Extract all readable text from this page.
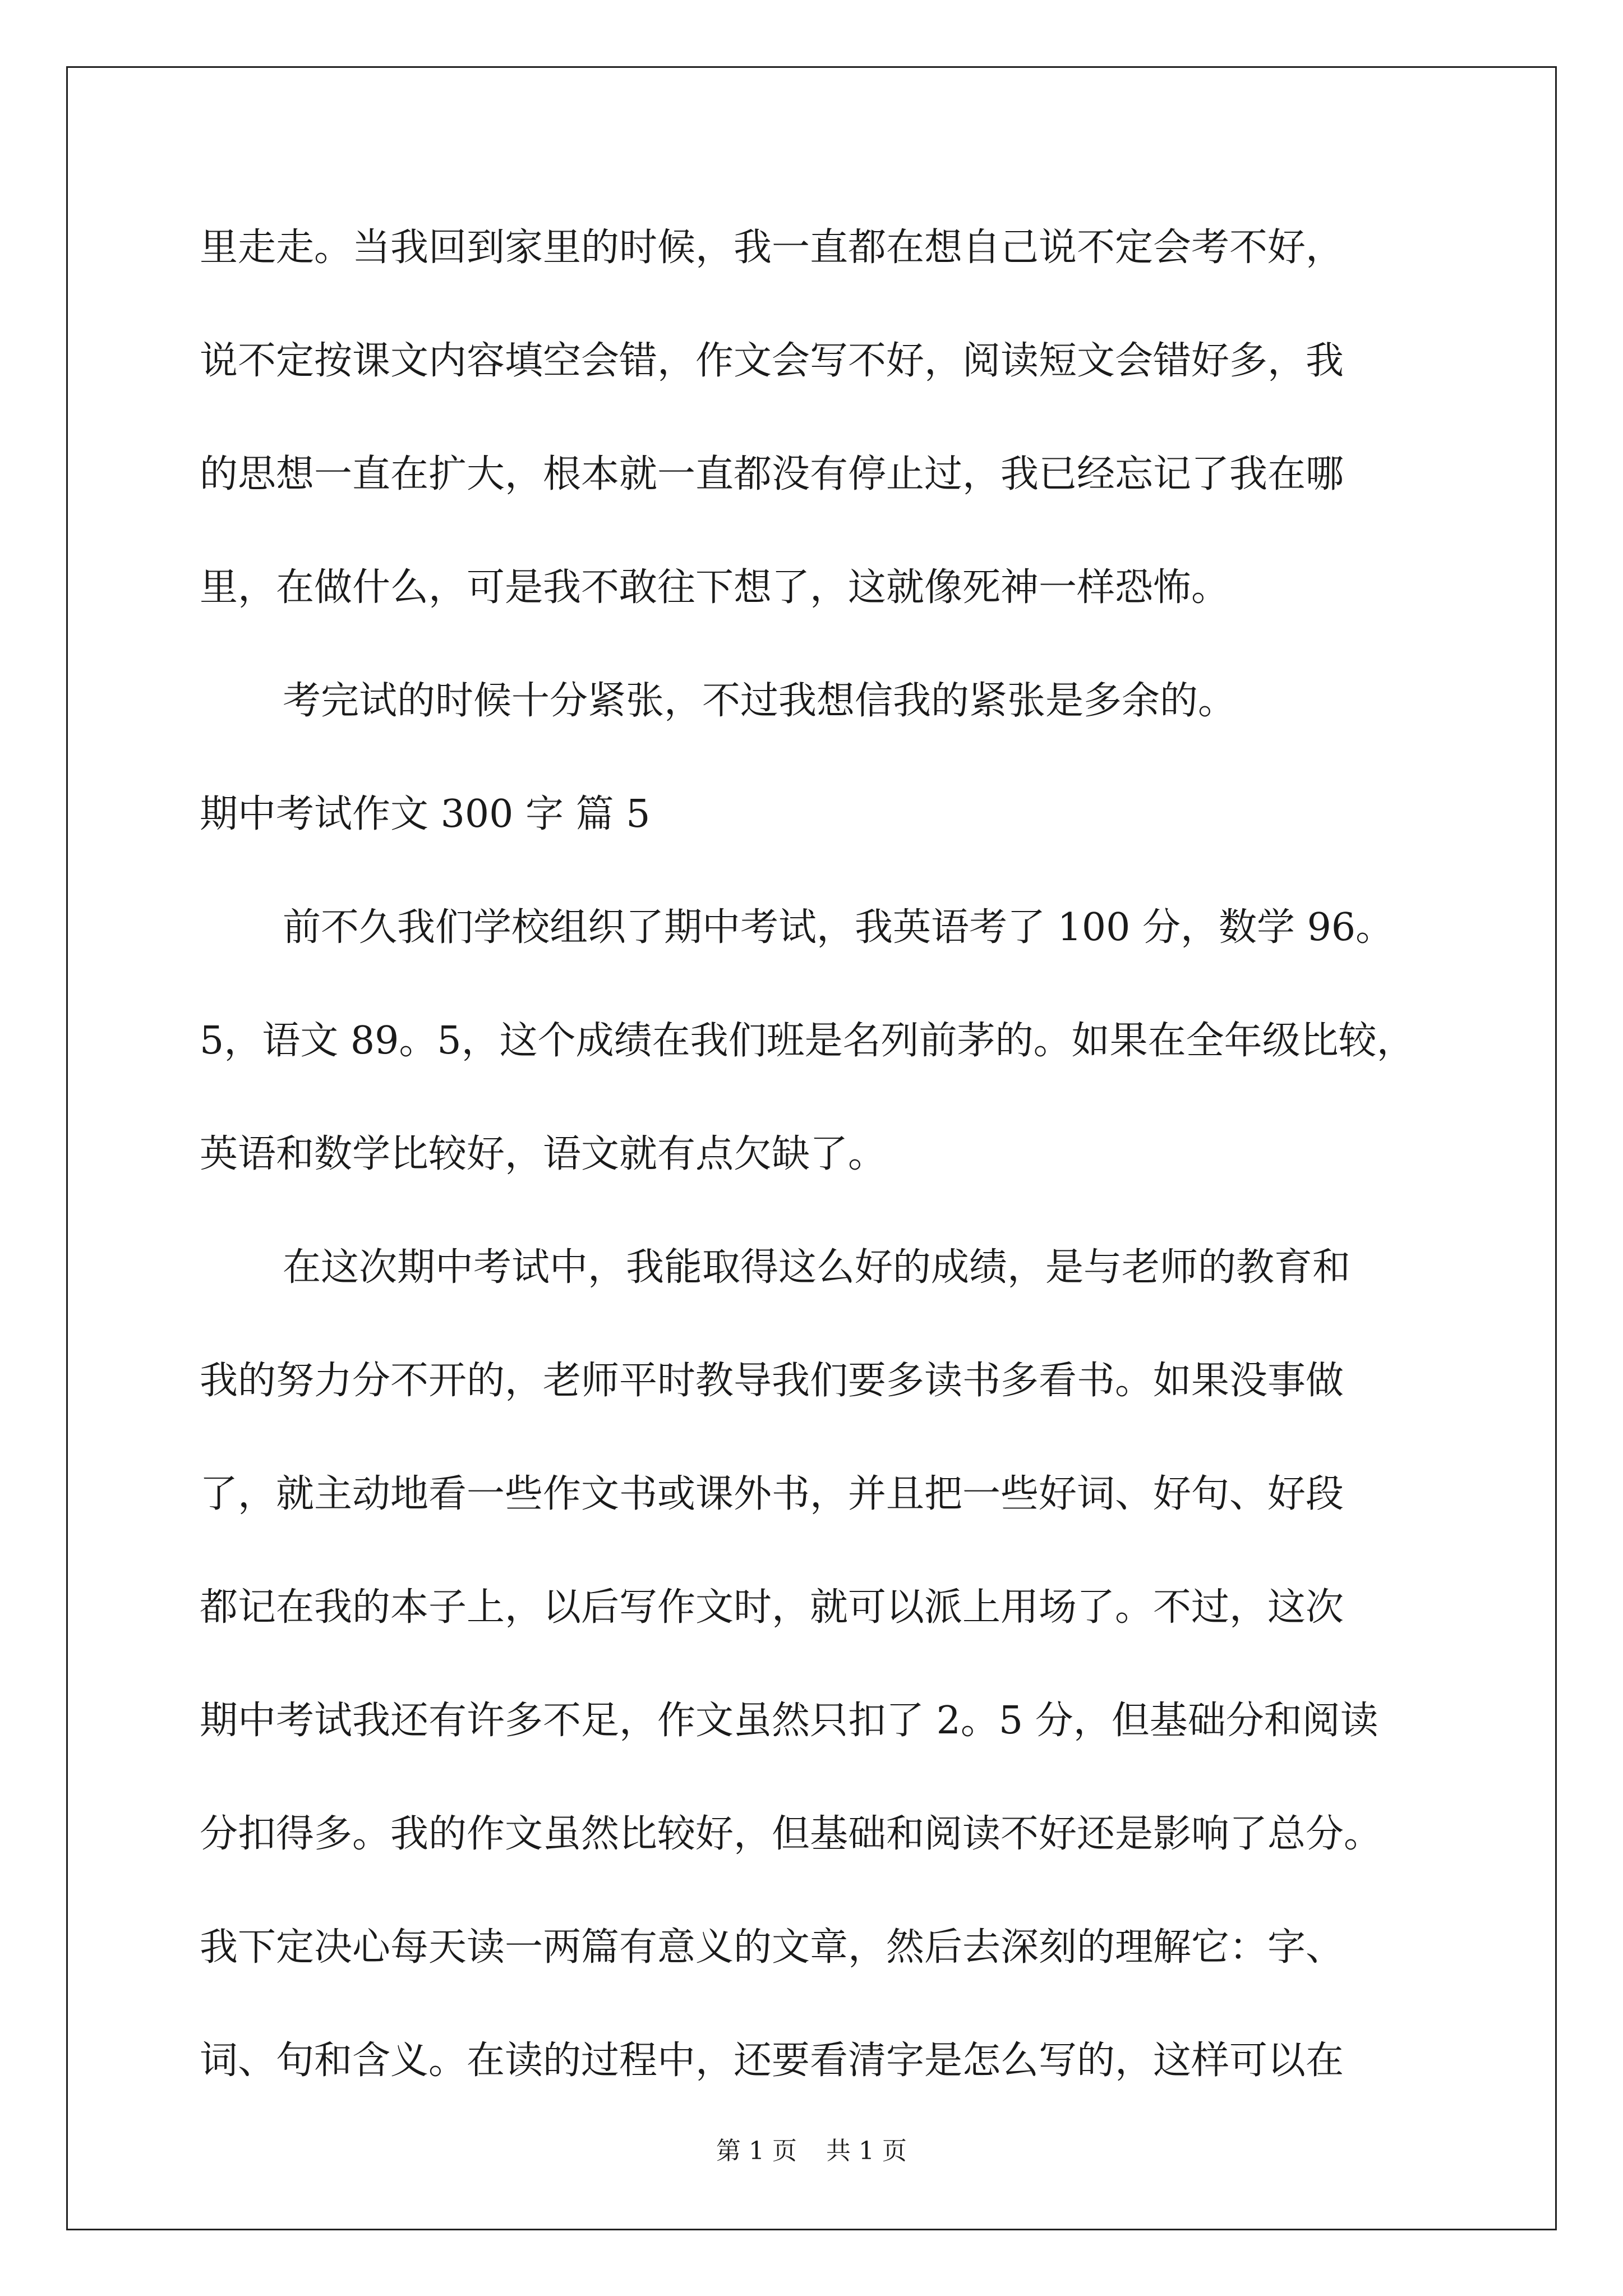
里走走。当我回到家里的时候，我一直都在想自己说不定会考不好，
说不定按课文内容填空会错，作文会写不好，阅读短文会错好多，我
的思想一直在扩大，根本就一直都没有停止过，我已经忘记了我在哪
里，在做什么，可是我不敢往下想了，这就像死神一样恐怖。
考完试的时候十分紧张，不过我想信我的紧张是多余的。
期中考试作文 300 字 篇 5
前不久我们学校组织了期中考试，我英语考了 100 分，数学 96。
5，语文 89。5，这个成绩在我们班是名列前茅的。如果在全年级比较，
英语和数学比较好，语文就有点欠缺了。
在这次期中考试中，我能取得这么好的成绩，是与老师的教育和
我的努力分不开的，老师平时教导我们要多读书多看书。如果没事做
了，就主动地看一些作文书或课外书，并且把一些好词、好句、好段
都记在我的本子上，以后写作文时，就可以派上用场了。不过，这次
期中考试我还有许多不足，作文虽然只扣了 2。5 分，但基础分和阅读
分扣得多。我的作文虽然比较好，但基础和阅读不好还是影响了总分。
我下定决心每天读一两篇有意义的文章，然后去深刻的理解它：字、
词、句和含义。在读的过程中，还要看清字是怎么写的，这样可以在
第 1 页 共 1 页
